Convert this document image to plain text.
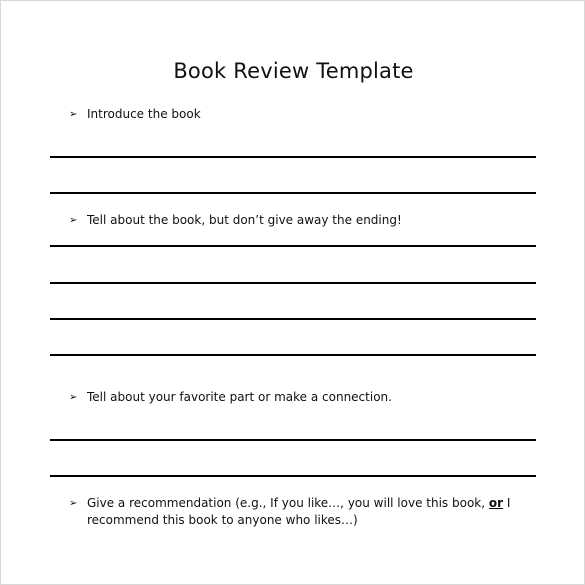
Book Review Template
➢ Introduce the book
➢ Tell about the book, but don’t give away the ending!
➢ Tell about your favorite part or make a connection.
➢ Give a recommendation (e.g., If you like…, you will love this book, or I
recommend this book to anyone who likes…)
